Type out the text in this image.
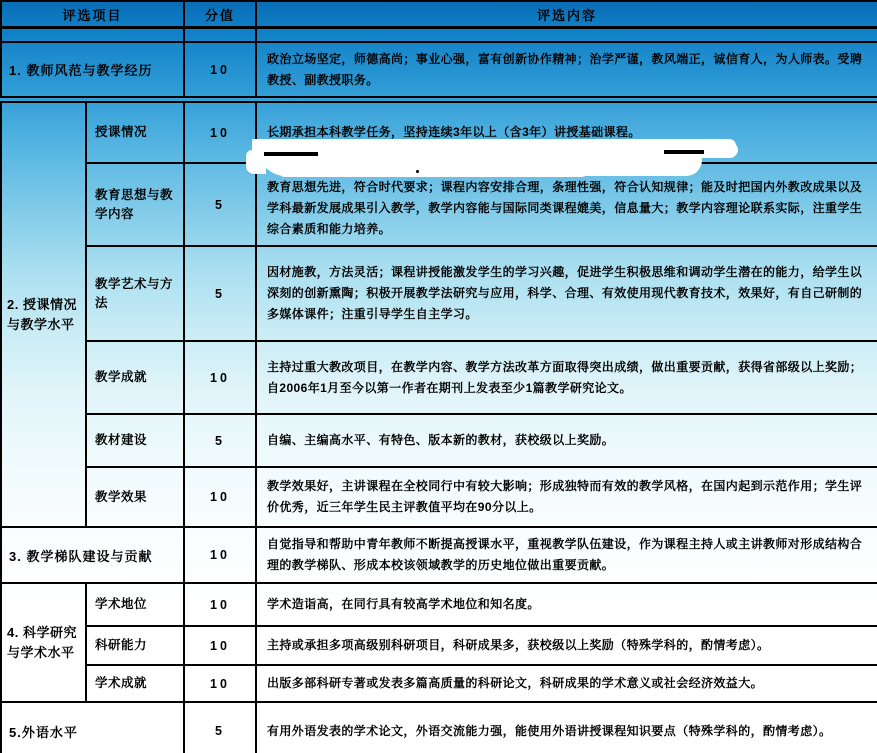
评选项目	分值	评选内容

1. 教师风范与教学经历	10	政治立场坚定，师德高尚；事业心强，富有创新协作精神；治学严谨，教风端正，诚信育人，为人师表。受聘教授、副教授职务。
2. 授课情况与教学水平	授课情况	10	长期承担本科教学任务，坚持连续3年以上（含3年）讲授基础课程。
	教育思想与教学内容	5	教育思想先进，符合时代要求；课程内容安排合理，条理性强，符合认知规律；能及时把国内外教改成果以及学科最新发展成果引入教学，教学内容能与国际同类课程媲美，信息量大；教学内容理论联系实际，注重学生综合素质和能力培养。
	教学艺术与方法	5	因材施教，方法灵活；课程讲授能激发学生的学习兴趣，促进学生积极思维和调动学生潜在的能力，给学生以深刻的创新熏陶；积极开展教学法研究与应用，科学、合理、有效使用现代教育技术，效果好，有自己研制的多媒体课件；注重引导学生自主学习。
	教学成就	10	主持过重大教改项目，在教学内容、教学方法改革方面取得突出成绩，做出重要贡献，获得省部级以上奖励；自2006年1月至今以第一作者在期刊上发表至少1篇教学研究论文。
	教材建设	5	自编、主编高水平、有特色、版本新的教材，获校级以上奖励。
	教学效果	10	教学效果好，主讲课程在全校同行中有较大影响；形成独特而有效的教学风格，在国内起到示范作用；学生评价优秀，近三年学生民主评教值平均在90分以上。
3. 教学梯队建设与贡献		10	自觉指导和帮助中青年教师不断提高授课水平，重视教学队伍建设，作为课程主持人或主讲教师对形成结构合理的教学梯队、形成本校该领域教学的历史地位做出重要贡献。
4. 科学研究与学术水平	学术地位	10	学术造诣高，在同行具有较高学术地位和知名度。
	科研能力	10	主持或承担多项高级别科研项目，科研成果多，获校级以上奖励（特殊学科的，酌情考虑）。
	学术成就	10	出版多部科研专著或发表多篇高质量的科研论文，科研成果的学术意义或社会经济效益大。
5.外语水平		5	有用外语发表的学术论文，外语交流能力强，能使用外语讲授课程知识要点（特殊学科的，酌情考虑）。
